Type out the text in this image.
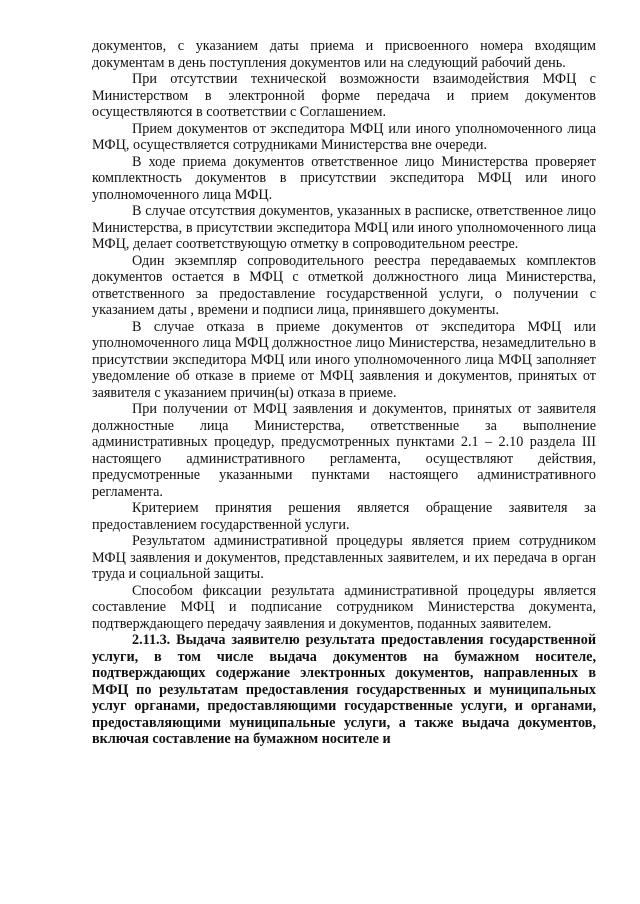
документов, с указанием даты приема и присвоенного номера входящим документам в день поступления документов или на следующий рабочий день.

При отсутствии технической возможности взаимодействия МФЦ с Министерством в электронной форме передача и прием документов осуществляются в соответствии с Соглашением.

Прием документов от экспедитора МФЦ или иного уполномоченного лица МФЦ, осуществляется сотрудниками Министерства вне очереди.

В ходе приема документов ответственное лицо Министерства проверяет комплектность документов в присутствии экспедитора МФЦ или иного уполномоченного лица МФЦ.

В случае отсутствия документов, указанных в расписке, ответственное лицо Министерства, в присутствии экспедитора МФЦ или иного уполномоченного лица МФЦ, делает соответствующую отметку в сопроводительном реестре.

Один экземпляр сопроводительного реестра передаваемых комплектов документов остается в МФЦ с отметкой должностного лица Министерства, ответственного за предоставление государственной услуги, о получении с указанием даты , времени и подписи лица, принявшего документы.

В случае отказа в приеме документов от экспедитора МФЦ или уполномоченного лица МФЦ должностное лицо Министерства, незамедлительно в присутствии экспедитора МФЦ или иного уполномоченного лица МФЦ заполняет уведомление об отказе в приеме от МФЦ заявления и документов, принятых от заявителя с указанием причин(ы) отказа в приеме.

При получении от МФЦ заявления и документов, принятых от заявителя должностные лица Министерства, ответственные за выполнение административных процедур, предусмотренных пунктами 2.1 – 2.10 раздела III настоящего административного регламента, осуществляют действия, предусмотренные указанными пунктами настоящего административного регламента.

Критерием принятия решения является обращение заявителя за предоставлением государственной услуги.

Результатом административной процедуры является прием сотрудником МФЦ заявления и документов, представленных заявителем, и их передача в орган труда и социальной защиты.

Способом фиксации результата административной процедуры является составление МФЦ и подписание сотрудником Министерства документа, подтверждающего передачу заявления и документов, поданных заявителем.

2.11.3. Выдача заявителю результата предоставления государственной услуги, в том числе выдача документов на бумажном носителе, подтверждающих содержание электронных документов, направленных в МФЦ по результатам предоставления государственных и муниципальных услуг органами, предоставляющими государственные услуги, и органами, предоставляющими муниципальные услуги, а также выдача документов, включая составление на бумажном носителе и
